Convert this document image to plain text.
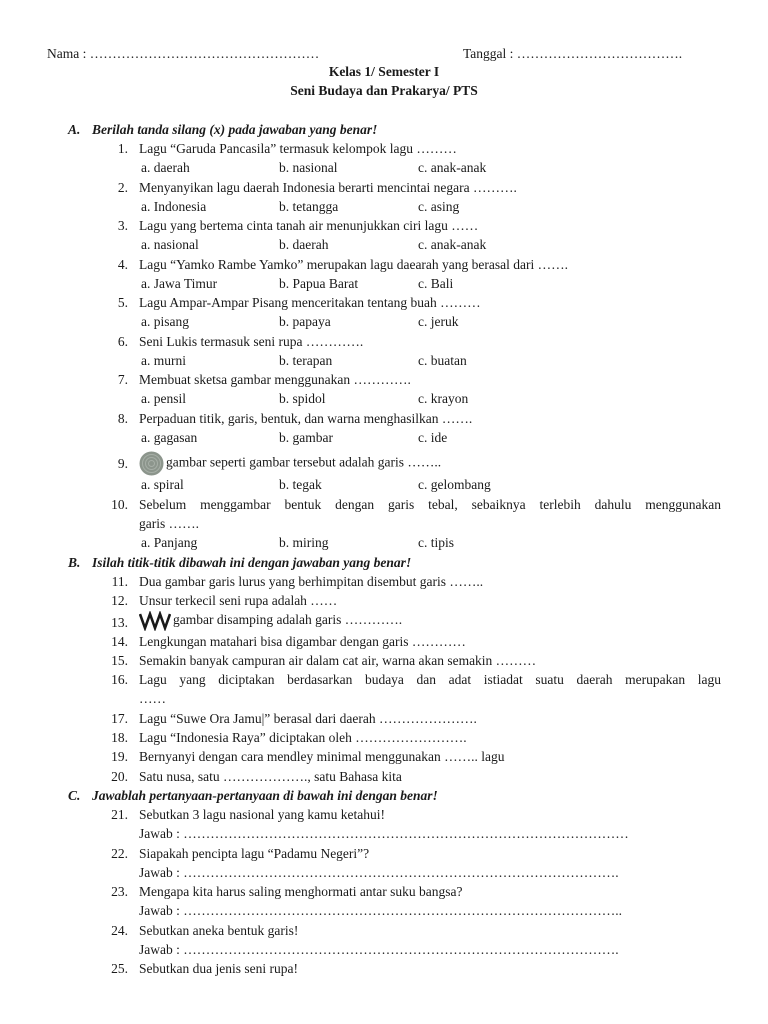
Nama : ……………………………………………	Tanggal : ……………………………….
Kelas 1/ Semester I
Seni Budaya dan Prakarya/ PTS
A. Berilah tanda silang (x) pada jawaban yang benar!
1. Lagu “Garuda Pancasila” termasuk kelompok lagu ………
a. daerah	b. nasional	c. anak-anak
2. Menyanyikan lagu daerah Indonesia berarti mencintai negara ……….
a. Indonesia	b. tetangga	c. asing
3. Lagu yang bertema cinta tanah air menunjukkan ciri lagu ……
a. nasional	b. daerah	c. anak-anak
4. Lagu “Yamko Rambe Yamko” merupakan lagu daearah yang berasal dari …….
a. Jawa Timur	b. Papua Barat	c. Bali
5. Lagu Ampar-Ampar Pisang menceritakan tentang buah ………
a. pisang	b. papaya	c. jeruk
6. Seni Lukis termasuk seni rupa ………….
a. murni	b. terapan	c. buatan
7. Membuat sketsa gambar menggunakan ………….
a. pensil	b. spidol	c. krayon
8. Perpaduan titik, garis, bentuk, dan warna menghasilkan …….
a. gagasan	b. gambar	c. ide
9.	gambar seperti gambar tersebut adalah garis ……..
a. spiral	b. tegak	c. gelombang
10. Sebelum menggambar bentuk dengan garis tebal, sebaiknya terlebih dahulu menggunakan
garis …….
a. Panjang	b. miring	c. tipis
B. Isilah titik-titik dibawah ini dengan jawaban yang benar!
11. Dua gambar garis lurus yang berhimpitan disembut garis ……..
12. Unsur terkecil seni rupa adalah ……
13.	gambar disamping adalah garis ………….
14. Lengkungan matahari bisa digambar dengan garis …………
15. Semakin banyak campuran air dalam cat air, warna akan semakin ………
16. Lagu yang diciptakan berdasarkan budaya dan adat istiadat suatu daerah merupakan lagu
……
17. Lagu “Suwe Ora Jamu|” berasal dari daerah ………………….
18. Lagu “Indonesia Raya” diciptakan oleh …………………….
19. Bernyanyi dengan cara mendley minimal menggunakan …….. lagu
20. Satu nusa, satu ………………., satu Bahasa kita
C. Jawablah pertanyaan-pertanyaan di bawah ini dengan benar!
21. Sebutkan 3 lagu nasional yang kamu ketahui!
Jawab : ………………………………………………………………………………………
22. Siapakah pencipta lagu “Padamu Negeri”?
Jawab : …………………………………………………………………………………….
23. Mengapa kita harus saling menghormati antar suku bangsa?
Jawab : ……………………………………………………………………………………..
24. Sebutkan aneka bentuk garis!
Jawab : …………………………………………………………………………………….
25. Sebutkan dua jenis seni rupa!
